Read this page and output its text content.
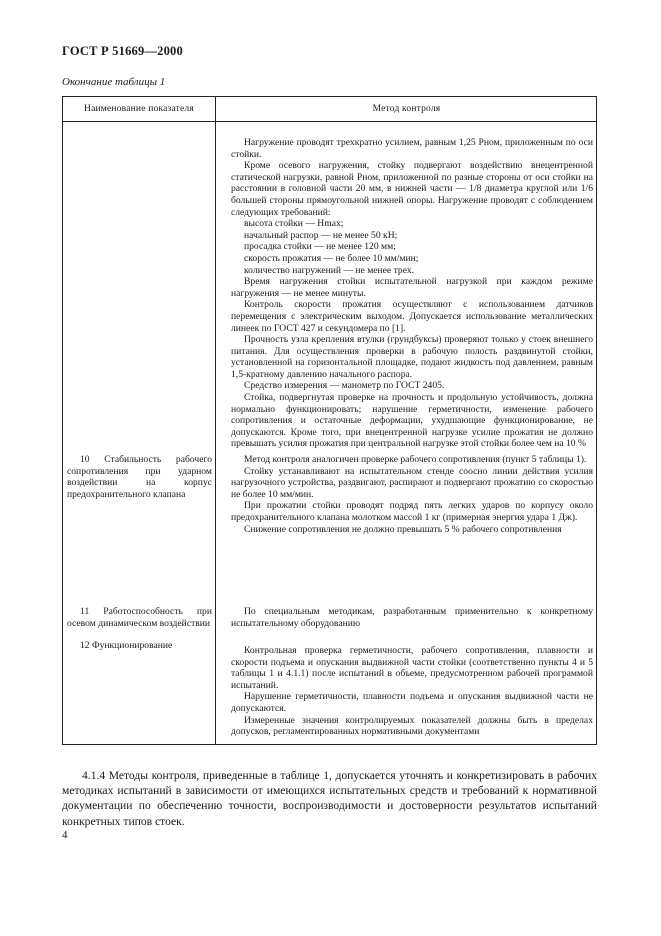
ГОСТ Р 51669—2000
Окончание таблицы 1
Наименование показателя	Метод контроля

10 Стабильность рабочего сопротивления при ударном воздействии на корпус предохранительного клапана

11 Работоспособность при осевом динамическом воздействии

12 Функционирование

Нагружение проводят трехкратно усилием, равным 1,25 Pном, приложенным по оси стойки.

Кроме осевого нагружения, стойку подвергают воздействию внецентренной статической нагрузки, равной Pном, приложенной по разные стороны от оси стойки на расстоянии в головной части 20 мм, в нижней части — 1/8 диаметра круглой или 1/6 большей стороны прямоугольной нижней опоры. Нагружение проводят с соблюдением следующих требований:

высота стойки — Hmax;

начальный распор — не менее 50 кН;

просадка стойки — не менее 120 мм;

скорость прожатия — не более 10 мм/мин;

количество нагружений — не менее трех.

Время нагружения стойки испытательной нагрузкой при каждом режиме нагружения — не менее минуты.

Контроль скорости прожатия осуществляют с использованием датчиков перемещения с электрическим выходом. Допускается использование металлических линеек по ГОСТ 427 и секундомера по [1].

Прочность узла крепления втулки (грундбуксы) проверяют только у стоек внешнего питания. Для осуществления проверки в рабочую полость раздвинутой стойки, установленной на горизонтальной площадке, подают жидкость под давлением, равным 1,5-кратному давлению начального распора.

Средство измерения — манометр по ГОСТ 2405.

Стойка, подвергнутая проверке на прочность и продольную устойчивость, должна нормально функционировать; нарушение герметичности, изменение рабочего сопротивления и остаточные деформации, ухудшающие функционирование, не допускаются. Кроме того, при внецентренной нагрузке усилие прожатия не должно превышать усилия прожатия при центральной нагрузке этой стойки более чем на 10 %

Метод контроля аналогичен проверке рабочего сопротивления (пункт 5 таблицы 1).

Стойку устанавливают на испытательном стенде соосно линии действия усилия нагрузочного устройства, раздвигают, распирают и подвергают прожатию со скоростью не более 10 мм/мин.

При прожатии стойки проводят подряд пять легких ударов по корпусу около предохранительного клапана молотком массой 1 кг (примерная энергия удара 1 Дж).

Снижение сопротивления не должно превышать 5 % рабочего сопротивления

По специальным методикам, разработанным применительно к конкретному испытательному оборудованию

Контрольная проверка герметичности, рабочего сопротивления, плавности и скорости подъема и опускания выдвижной части стойки (соответственно пункты 4 и 5 таблицы 1 и 4.1.1) после испытаний в объеме, предусмотренном рабочей программой испытаний.

Нарушение герметичности, плавности подъема и опускания выдвижной части не допускаются.

Измеренные значения контролируемых показателей должны быть в пределах допусков, регламентированных нормативными документами

4.1.4 Методы контроля, приведенные в таблице 1, допускается уточнять и конкретизировать в рабочих методиках испытаний в зависимости от имеющихся испытательных средств и требований к нормативной документации по обеспечению точности, воспроизводимости и достоверности результатов испытаний конкретных типов стоек.

4
